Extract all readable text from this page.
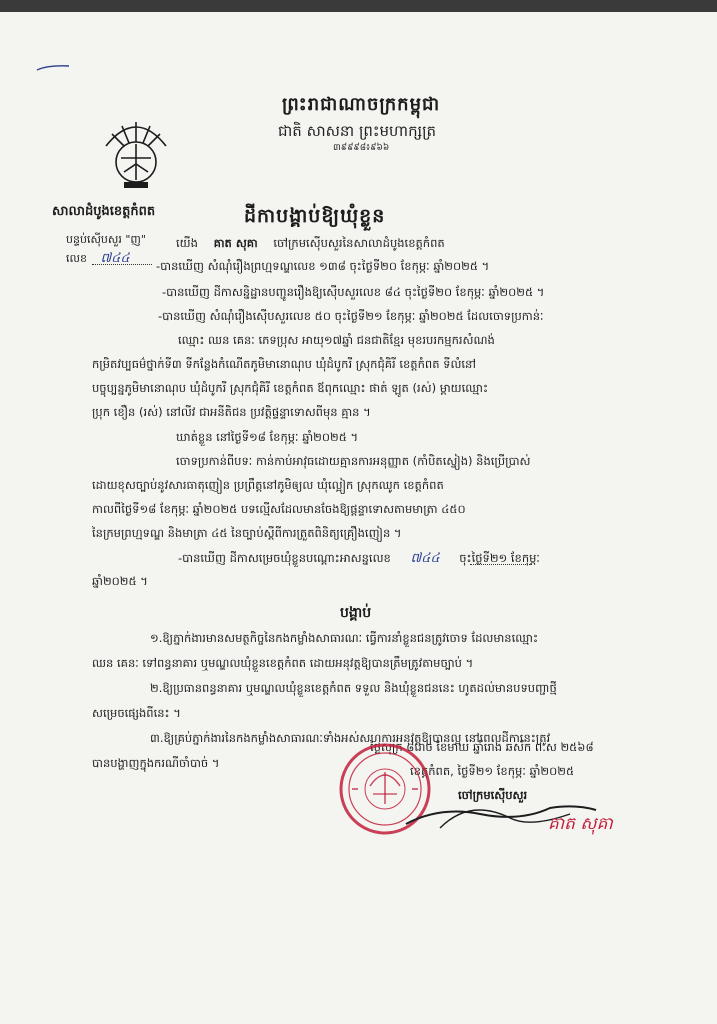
ព្រះរាជាណាចក្រកម្ពុជា
ជាតិ សាសនា ព្រះមហាក្សត្រ
៣៩៩៩៨៖៩៦៦
សាលាដំបូងខេត្តកំពត
បន្ទប់ស៊ើបសួរ "ញ"
លេខ ៧៤៤
ដីកាបង្គាប់ឱ្យឃុំខ្លួន
យើង គាត សុគា ចៅក្រមស៊ើបសួរនៃសាលាដំបូងខេត្តកំពត
-បានឃើញ សំណុំរឿងព្រហ្មទណ្ឌលេខ ១៣៨ ចុះថ្ងៃទី២០ ខែកុម្ភៈ ឆ្នាំ២០២៥ ។
-បានឃើញ ដីកាសន្និដ្ឋានបញ្ជូនរឿងឱ្យស៊ើបសួរលេខ ៨៤ ចុះថ្ងៃទី២០ ខែកុម្ភៈ ឆ្នាំ២០២៥ ។
-បានឃើញ សំណុំរឿងស៊ើបសួរលេខ ៥០ ចុះថ្ងៃទី២១ ខែកុម្ភៈ ឆ្នាំ២០២៥ ដែលចោទប្រកាន់ៈ
ឈ្មោះ ឈន គេនៈ ភេទប្រុស អាយុ១៧ឆ្នាំ ជនជាតិខ្មែរ មុខរបរកម្មករសំណង់
កម្រិតវប្បធម៌ថ្នាក់ទី៣ ទីកន្លែងកំណើតភូមិមានោណុប ឃុំដំបូករី ស្រុកជុំគិរី ខេត្តកំពត ទីលំនៅ
បច្ចុប្បន្នភូមិមានោណុប ឃុំដំបូករី ស្រុកជុំគិរី ខេត្តកំពត ឪពុកឈ្មោះ ផាត់ ឡូត (រស់) ម្ដាយឈ្មោះ
ប្រុក ខឿន (រស់) នៅលីវ ជាអនីតិជន ប្រវត្តិផ្ទន្ទាទោសពីមុន គ្មាន ។
ឃាត់ខ្លួន នៅថ្ងៃទី១៨ ខែកុម្ភៈ ឆ្នាំ២០២៥ ។
ចោទប្រកាន់ពីបទៈ កាន់កាប់អាវុធដោយគ្មានការអនុញ្ញាត (កាំបិតស្នៀង) និងប្រើប្រាស់
ដោយខុសច្បាប់នូវសារធាតុញៀន ប្រព្រឹត្តនៅភូមិឲ្យល ឃុំល្អៀក ស្រុកឈូក ខេត្តកំពត
កាលពីថ្ងៃទី១៨ ខែកុម្ភៈ ឆ្នាំ២០២៥ បទល្មើសដែលមានចែងឱ្យផ្ដន្ទាទោសតាមមាត្រា ៤៥០
នៃក្រមព្រហ្មទណ្ឌ និងមាត្រា ៤៥ នៃច្បាប់ស្ដីពីការត្រួតពិនិត្យគ្រឿងញៀន ។
-បានឃើញ ដីកាសម្រេចឃុំខ្លួនបណ្ដោះអាសន្នលេខ ៧៤៤ ចុះថ្ងៃទី២១ ខែកុម្ភៈ
ឆ្នាំ២០២៥ ។
បង្គាប់
១.ឱ្យភ្នាក់ងារមានសមត្ថកិច្ចនៃកងកម្លាំងសាធារណៈ ធ្វើការនាំខ្លួនជនត្រូវចោទ ដែលមានឈ្មោះ
ឈន គេនៈ ទៅពន្ធនាគារ ឬមណ្ឌលឃុំខ្លួនខេត្តកំពត ដោយអនុវត្តឱ្យបានត្រឹមត្រូវតាមច្បាប់ ។
២.ឱ្យប្រធានពន្ធនាគារ ឬមណ្ឌលឃុំខ្លួនខេត្តកំពត ទទួល និងឃុំខ្លួនជននេះ ហូតដល់មានបទបញ្ជាថ្មី
សម្រេចផ្សេងពីនេះ ។
៣.ឱ្យគ្រប់ភ្នាក់ងារនៃកងកម្លាំងសាធារណៈទាំងអស់សហការអនុវត្តឱ្យបានល្អ នៅពេលដីកានេះត្រូវ
បានបង្ហាញក្នុងករណីចាំបាច់ ។
ថ្ងៃសុក្រ ៨រោច ខែមាឃ ឆ្នាំរោង ឆស័ក ព.ស ២៥៦៨
ខេត្តកំពត, ថ្ងៃទី២១ ខែកុម្ភៈ ឆ្នាំ២០២៥
ចៅក្រមស៊ើបសួរ
គាត សុគា
